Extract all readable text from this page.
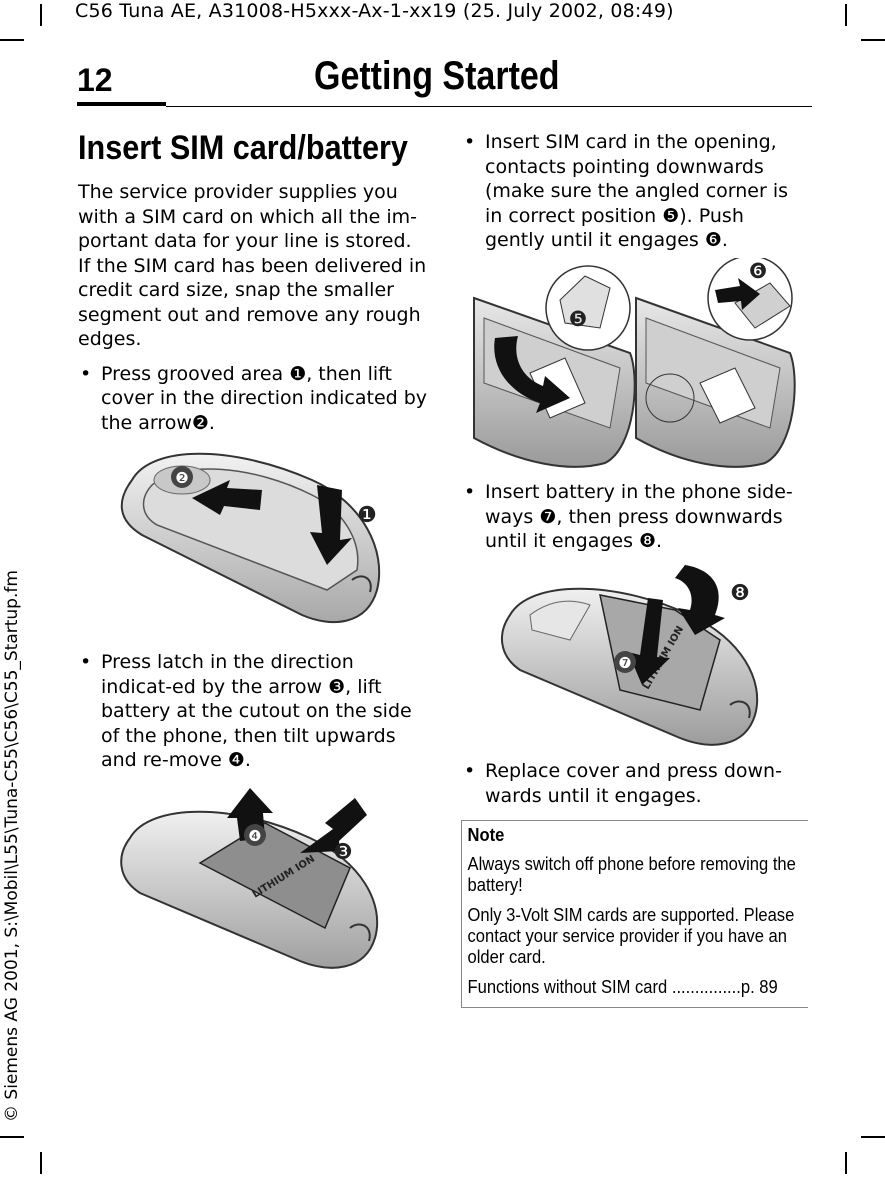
C56 Tuna AE, A31008-H5xxx-Ax-1-xx19 (25. July 2002, 08:49)
12	Getting Started
© Siemens AG 2001, S:\Mobil\L55\Tuna-C55\C56\C55_Startup.fm
Insert SIM card/battery

The service provider supplies you with a SIM card on which all the im-portant data for your line is stored. If the SIM card has been delivered in credit card size, snap the smaller segment out and remove any rough edges.

• Press grooved area ❶, then lift cover in the direction indicated by the arrow❷.

• Press latch in the direction indicat-ed by the arrow ❸, lift battery at the cutout on the side of the phone, then tilt upwards and re-move ❹.

• Insert SIM card in the opening, contacts pointing downwards (make sure the angled corner is in correct position ❺). Push gently until it engages ❻.

• Insert battery in the phone side-ways ❼, then press downwards until it engages ❽.

• Replace cover and press down-wards until it engages.

❷
❶
LITHIUM ION
❹
❸
❺
❻
ION
❼
❽
Note

Always switch off phone before removing the battery!

Only 3-Volt SIM cards are supported. Please contact your service provider if you have an older card.

Functions without SIM card ...............p. 89
